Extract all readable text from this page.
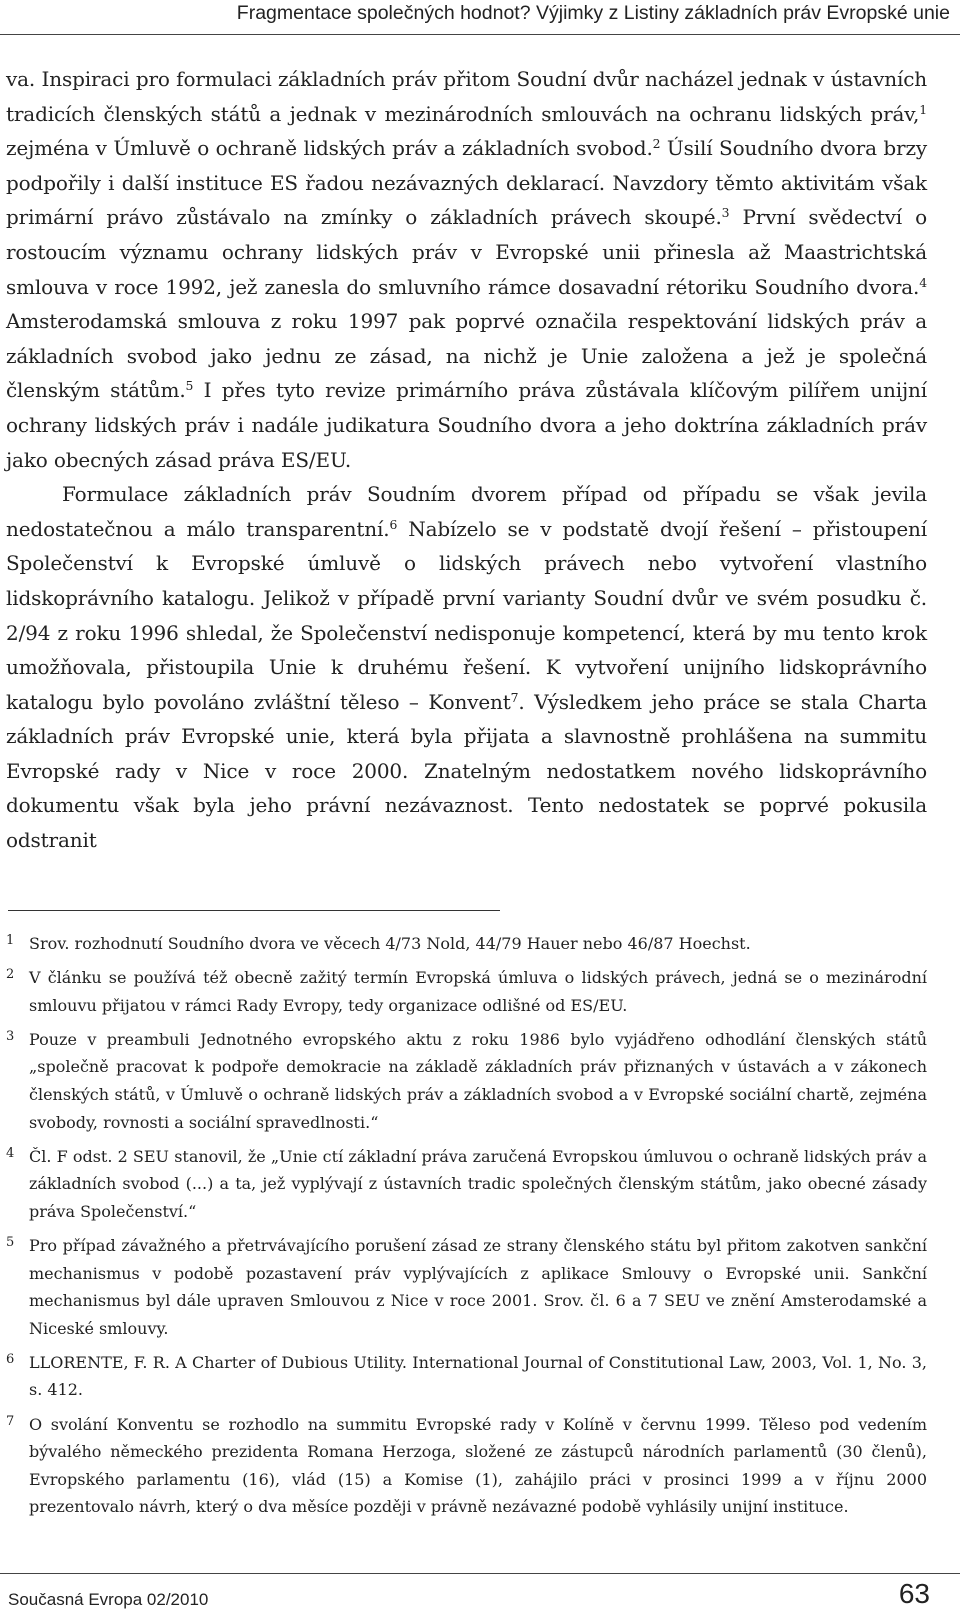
Fragmentace společných hodnot? Výjimky z Listiny základních práv Evropské unie

va. Inspiraci pro formulaci základních práv přitom Soudní dvůr nacházel jednak v ústavních tradicích členských států a jednak v mezinárodních smlouvách na ochranu lidských práv,$^1$ zejména v Úmluvě o ochraně lidských práv a základních svobod.$^2$ Úsilí Soudního dvora brzy podpořily i další instituce ES řadou nezávazných deklarací. Navzdory těmto aktivitám však primární právo zůstávalo na zmínky o základních právech skoupé.$^3$ První svědectví o rostoucím významu ochrany lidských práv v Evropské unii přinesla až Maastrichtská smlouva v roce 1992, jež zanesla do smluvního rámce dosavadní rétoriku Soudního dvora.$^4$ Amsterodamská smlouva z roku 1997 pak poprvé označila respektování lidských práv a základních svobod jako jednu ze zásad, na nichž je Unie založena a jež je společná členským státům.$^5$ I přes tyto revize primárního práva zůstávala klíčovým pilířem unijní ochrany lidských práv i nadále judikatura Soudního dvora a jeho doktrína základních práv jako obecných zásad práva ES/EU.

Formulace základních práv Soudním dvorem případ od případu se však jevila nedostatečnou a málo transparentní.$^6$ Nabízelo se v podstatě dvojí řešení – přistoupení Společenství k Evropské úmluvě o lidských právech nebo vytvoření vlastního lidskoprávního katalogu. Jelikož v případě první varianty Soudní dvůr ve svém posudku č. 2/94 z roku 1996 shledal, že Společenství nedisponuje kompetencí, která by mu tento krok umožňovala, přistoupila Unie k druhému řešení. K vytvoření unijního lidskoprávního katalogu bylo povoláno zvláštní těleso – Konvent$^7$. Výsledkem jeho práce se stala Charta základních práv Evropské unie, která byla přijata a slavnostně prohlášena na summitu Evropské rady v Nice v roce 2000. Znatelným nedostatkem nového lidskoprávního dokumentu však byla jeho právní nezávaznost. Tento nedostatek se poprvé pokusila odstranit

1 Srov. rozhodnutí Soudního dvora ve věcech 4/73 Nold, 44/79 Hauer nebo 46/87 Hoechst.
2 V článku se používá též obecně zažitý termín Evropská úmluva o lidských právech, jedná se o mezinárodní smlouvu přijatou v rámci Rady Evropy, tedy organizace odlišné od ES/EU.
3 Pouze v preambuli Jednotného evropského aktu z roku 1986 bylo vyjádřeno odhodlání členských států „společně pracovat k podpoře demokracie na základě základních práv přiznaných v ústavách a v zákonech členských států, v Úmluvě o ochraně lidských práv a základních svobod a v Evropské sociální chartě, zejména svobody, rovnosti a sociální spravedlnosti.“
4 Čl. F odst. 2 SEU stanovil, že „Unie ctí základní práva zaručená Evropskou úmluvou o ochraně lidských práv a základních svobod (...) a ta, jež vyplývají z ústavních tradic společných členským státům, jako obecné zásady práva Společenství.“
5 Pro případ závažného a přetrvávajícího porušení zásad ze strany členského státu byl přitom zakotven sankční mechanismus v podobě pozastavení práv vyplývajících z aplikace Smlouvy o Evropské unii. Sankční mechanismus byl dále upraven Smlouvou z Nice v roce 2001. Srov. čl. 6 a 7 SEU ve znění Amsterodamské a Niceské smlouvy.
6 LLORENTE, F. R. A Charter of Dubious Utility. International Journal of Constitutional Law, 2003, Vol. 1, No. 3, s. 412.
7 O svolání Konventu se rozhodlo na summitu Evropské rady v Kolíně v červnu 1999. Těleso pod vedením bývalého německého prezidenta Romana Herzoga, složené ze zástupců národních parlamentů (30 členů), Evropského parlamentu (16), vlád (15) a Komise (1), zahájilo práci v prosinci 1999 a v říjnu 2000 prezentovalo návrh, který o dva měsíce později v právně nezávazné podobě vyhlásily unijní instituce.
Současná Evropa 02/2010	63
